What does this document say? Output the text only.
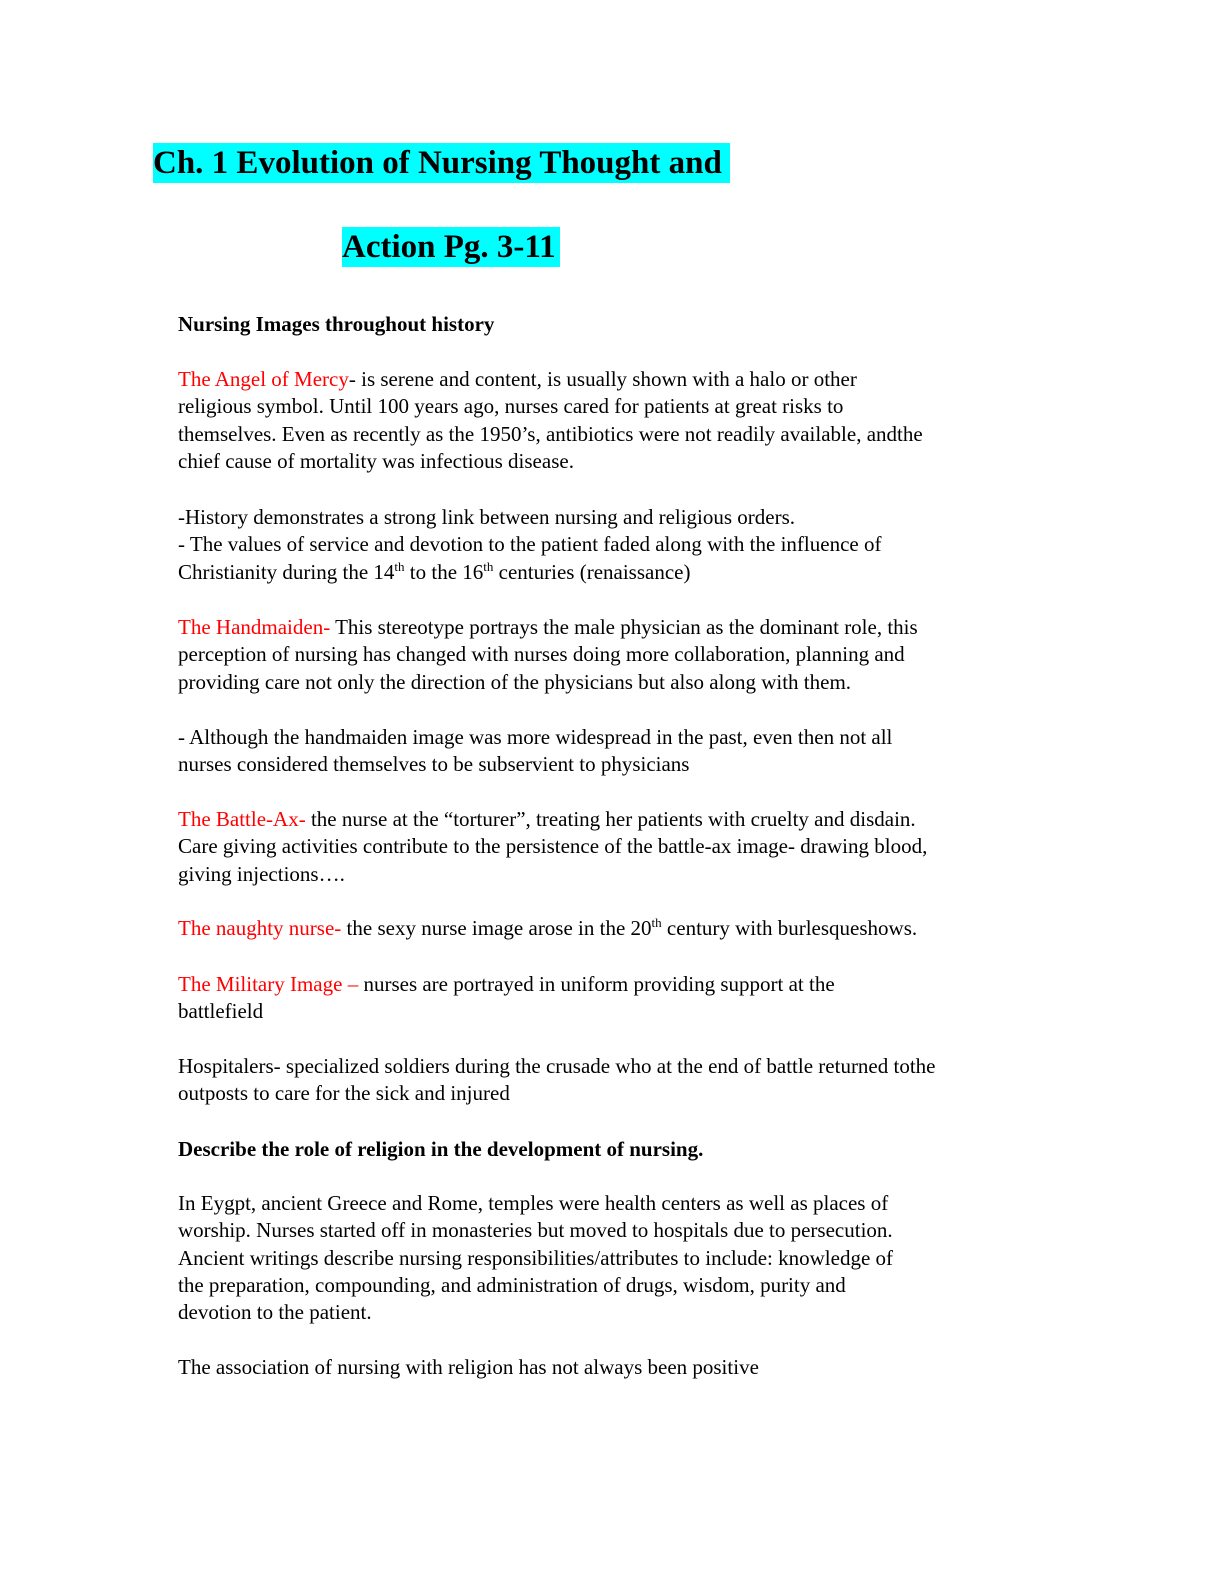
Ch. 1 Evolution of Nursing Thought and
Action Pg. 3-11
Nursing Images throughout history
The Angel of Mercy- is serene and content, is usually shown with a halo or other
religious symbol. Until 100 years ago, nurses cared for patients at great risks to
themselves. Even as recently as the 1950’s, antibiotics were not readily available, andthe
chief cause of mortality was infectious disease.
-History demonstrates a strong link between nursing and religious orders.
- The values of service and devotion to the patient faded along with the influence of
Christianity during the 14th to the 16th centuries (renaissance)
The Handmaiden- This stereotype portrays the male physician as the dominant role, this
perception of nursing has changed with nurses doing more collaboration, planning and
providing care not only the direction of the physicians but also along with them.
- Although the handmaiden image was more widespread in the past, even then not all
nurses considered themselves to be subservient to physicians
The Battle-Ax- the nurse at the “torturer”, treating her patients with cruelty and disdain.
Care giving activities contribute to the persistence of the battle-ax image- drawing blood,
giving injections….
The naughty nurse- the sexy nurse image arose in the 20th century with burlesqueshows.
The Military Image – nurses are portrayed in uniform providing support at the
battlefield
Hospitalers- specialized soldiers during the crusade who at the end of battle returned tothe
outposts to care for the sick and injured
Describe the role of religion in the development of nursing.
In Eygpt, ancient Greece and Rome, temples were health centers as well as places of
worship. Nurses started off in monasteries but moved to hospitals due to persecution.
Ancient writings describe nursing responsibilities/attributes to include: knowledge of
the preparation, compounding, and administration of drugs, wisdom, purity and
devotion to the patient.
The association of nursing with religion has not always been positive
